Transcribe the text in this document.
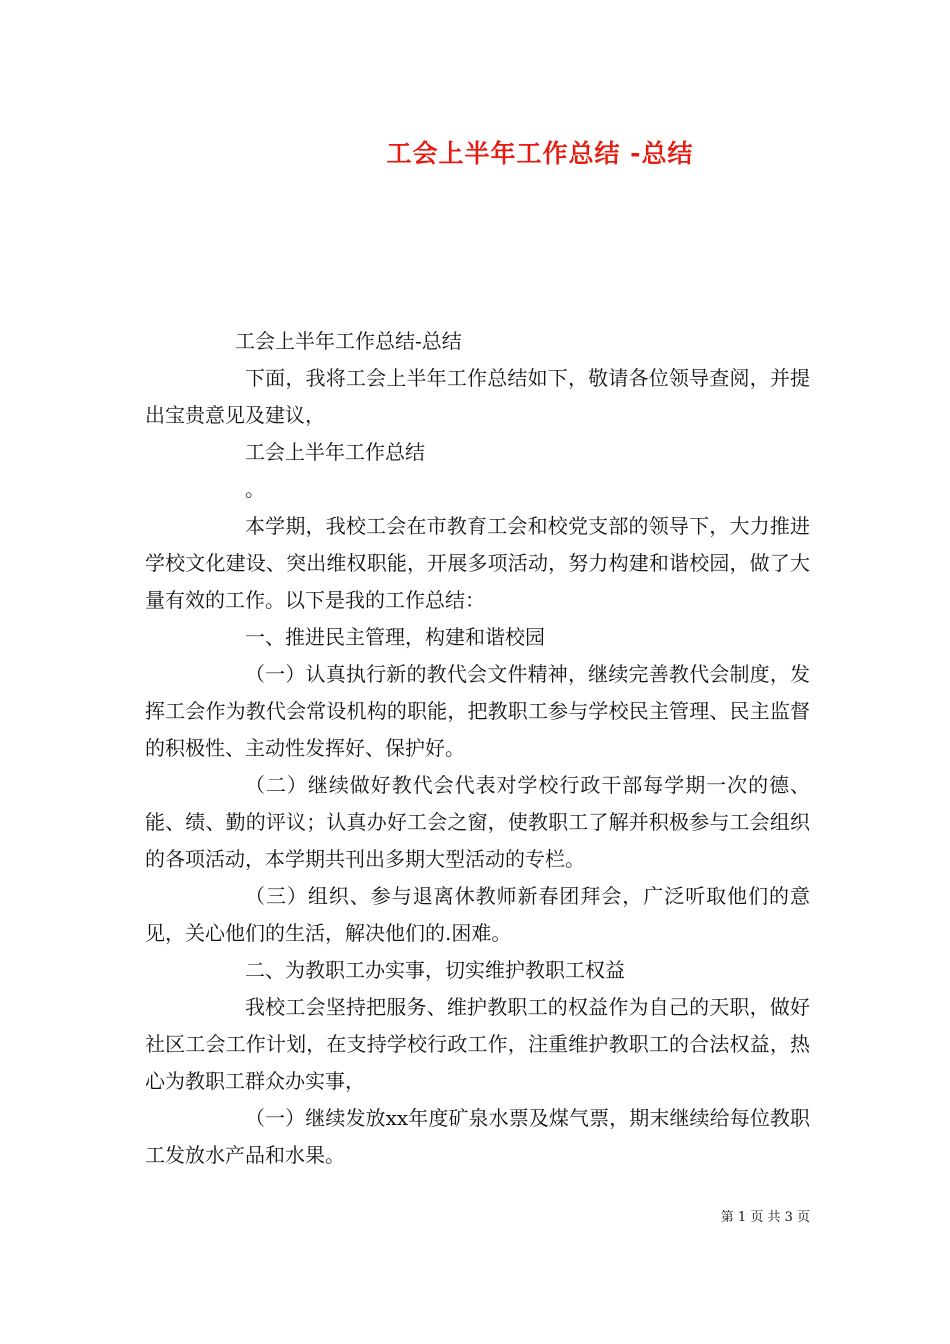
工会上半年工作总结 -总结

工会上半年工作总结-总结

下面，我将工会上半年工作总结如下，敬请各位领导查阅，并提出宝贵意见及建议，

工会上半年工作总结

。

本学期，我校工会在市教育工会和校党支部的领导下，大力推进学校文化建设、突出维权职能，开展多项活动，努力构建和谐校园，做了大量有效的工作。以下是我的工作总结：

一、推进民主管理，构建和谐校园

（一）认真执行新的教代会文件精神，继续完善教代会制度，发挥工会作为教代会常设机构的职能，把教职工参与学校民主管理、民主监督的积极性、主动性发挥好、保护好。

（二）继续做好教代会代表对学校行政干部每学期一次的德、能、绩、勤的评议；认真办好工会之窗，使教职工了解并积极参与工会组织的各项活动，本学期共刊出多期大型活动的专栏。

（三）组织、参与退离休教师新春团拜会，广泛听取他们的意见，关心他们的生活，解决他们的.困难。

二、为教职工办实事，切实维护教职工权益

我校工会坚持把服务、维护教职工的权益作为自己的天职，做好社区工会工作计划，在支持学校行政工作，注重维护教职工的合法权益，热心为教职工群众办实事，

（一）继续发放xx年度矿泉水票及煤气票，期末继续给每位教职工发放水产品和水果。

第 1 页 共 3 页
